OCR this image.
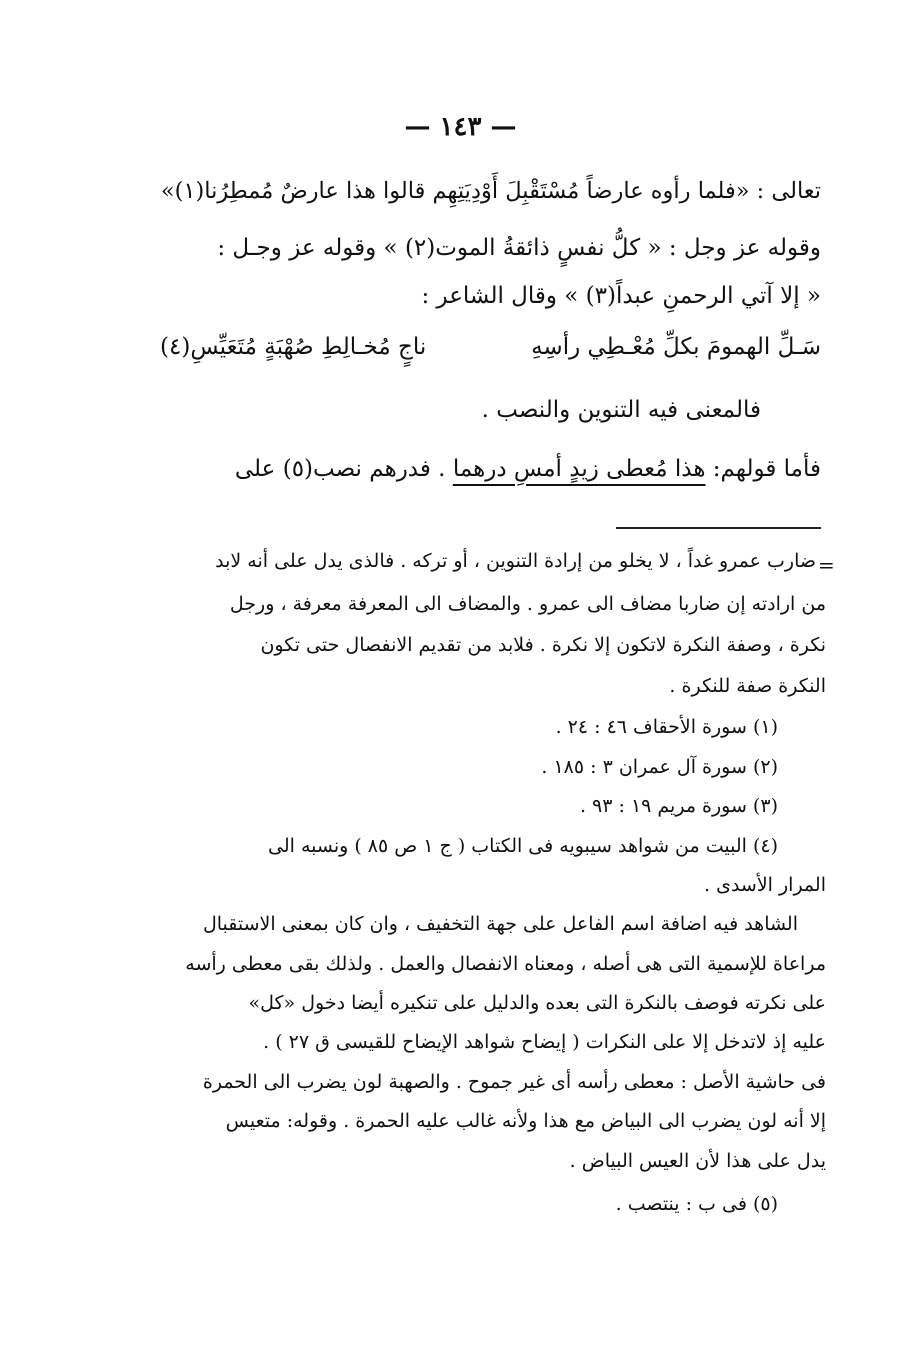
— ١٤٣ —
تعالى : «فلما رأوه عارضاً مُسْتَقْبِلَ أَوْدِيَتِهِم قالوا هذا عارضٌ مُمطِرُنا(١)»
وقوله عز وجل : « كلُّ نفسٍ ذائقةُ الموت(٢) » وقوله عز وجـل :
« إلا آتي الرحمنِ عبداً(٣) » وقال الشاعر :
سَـلِّ الهمومَ بكلِّ مُعْـطِي رأسِهِ
ناجٍ مُخـالِطِ صُهْبَةٍ مُتَعَيِّسِ(٤)
فالمعنى فيه التنوين والنصب .
فأما قولهم: هذا مُعطى زيدٍ أمسِ درهما . فدرهم نصب(٥) على
=
ضارب عمرو غداً ، لا يخلو من إرادة التنوين ، أو تركه . فالذى يدل على أنه لابد
من ارادته إن ضاربا مضاف الى عمرو . والمضاف الى المعرفة معرفة ، ورجل
نكرة ، وصفة النكرة لاتكون إلا نكرة . فلابد من تقديم الانفصال حتى تكون
النكرة صفة للنكرة .
(١) سورة الأحقاف ٤٦ : ٢٤ .
(٢) سورة آل عمران ٣ : ١٨٥ .
(٣) سورة مريم ١٩ : ٩٣ .
(٤) البيت من شواهد سيبويه فى الكتاب ( ج ١ ص ٨٥ ) ونسبه الى
المرار الأسدى .
الشاهد فيه اضافة اسم الفاعل على جهة التخفيف ، وان كان بمعنى الاستقبال
مراعاة للإسمية التى هى أصله ، ومعناه الانفصال والعمل . ولذلك بقى معطى رأسه
على نكرته فوصف بالنكرة التى بعده والدليل على تنكيره أيضا دخول «كل»
عليه إذ لاتدخل إلا على النكرات ( إيضاح شواهد الإيضاح للقيسى ق ٢٧ ) .
فى حاشية الأصل : معطى رأسه أى غير جموح . والصهبة لون يضرب الى الحمرة
إلا أنه لون يضرب الى البياض مع هذا ولأنه غالب عليه الحمرة . وقوله: متعيس
يدل على هذا لأن العيس البياض .
(٥) فى ب : ينتصب .
